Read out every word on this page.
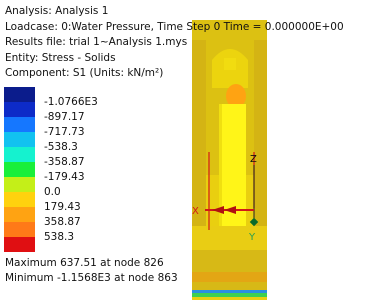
Z
X
Y
Analysis: Analysis 1
Loadcase: 0:Water Pressure, Time Step 0 Time = 0.000000E+00
Results file: trial 1~Analysis 1.mys
Entity: Stress - Solids
Component: S1 (Units: kN/m²)
-1.0766E3
-897.17
-717.73
-538.3
-358.87
-179.43
0.0
179.43
358.87
538.3
Maximum 637.51 at node 826
Minimum -1.1568E3 at node 863
